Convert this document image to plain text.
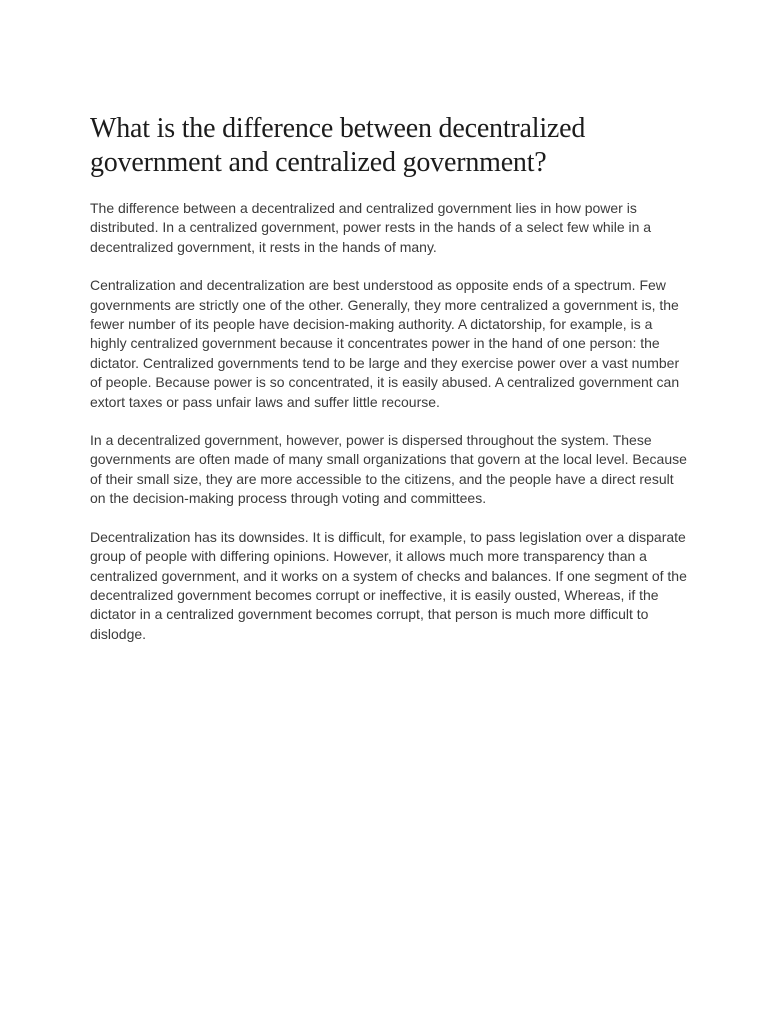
What is the difference between decentralized government and centralized government?

The difference between a decentralized and centralized government lies in how power is distributed. In a centralized government, power rests in the hands of a select few while in a decentralized government, it rests in the hands of many.

Centralization and decentralization are best understood as opposite ends of a spectrum. Few governments are strictly one of the other. Generally, they more centralized a government is, the fewer number of its people have decision-making authority. A dictatorship, for example, is a highly centralized government because it concentrates power in the hand of one person: the dictator. Centralized governments tend to be large and they exercise power over a vast number of people. Because power is so concentrated, it is easily abused. A centralized government can extort taxes or pass unfair laws and suffer little recourse.

In a decentralized government, however, power is dispersed throughout the system. These governments are often made of many small organizations that govern at the local level. Because of their small size, they are more accessible to the citizens, and the people have a direct result on the decision-making process through voting and committees.

Decentralization has its downsides. It is difficult, for example, to pass legislation over a disparate group of people with differing opinions. However, it allows much more transparency than a centralized government, and it works on a system of checks and balances. If one segment of the decentralized government becomes corrupt or ineffective, it is easily ousted, Whereas, if the dictator in a centralized government becomes corrupt, that person is much more difficult to dislodge.
